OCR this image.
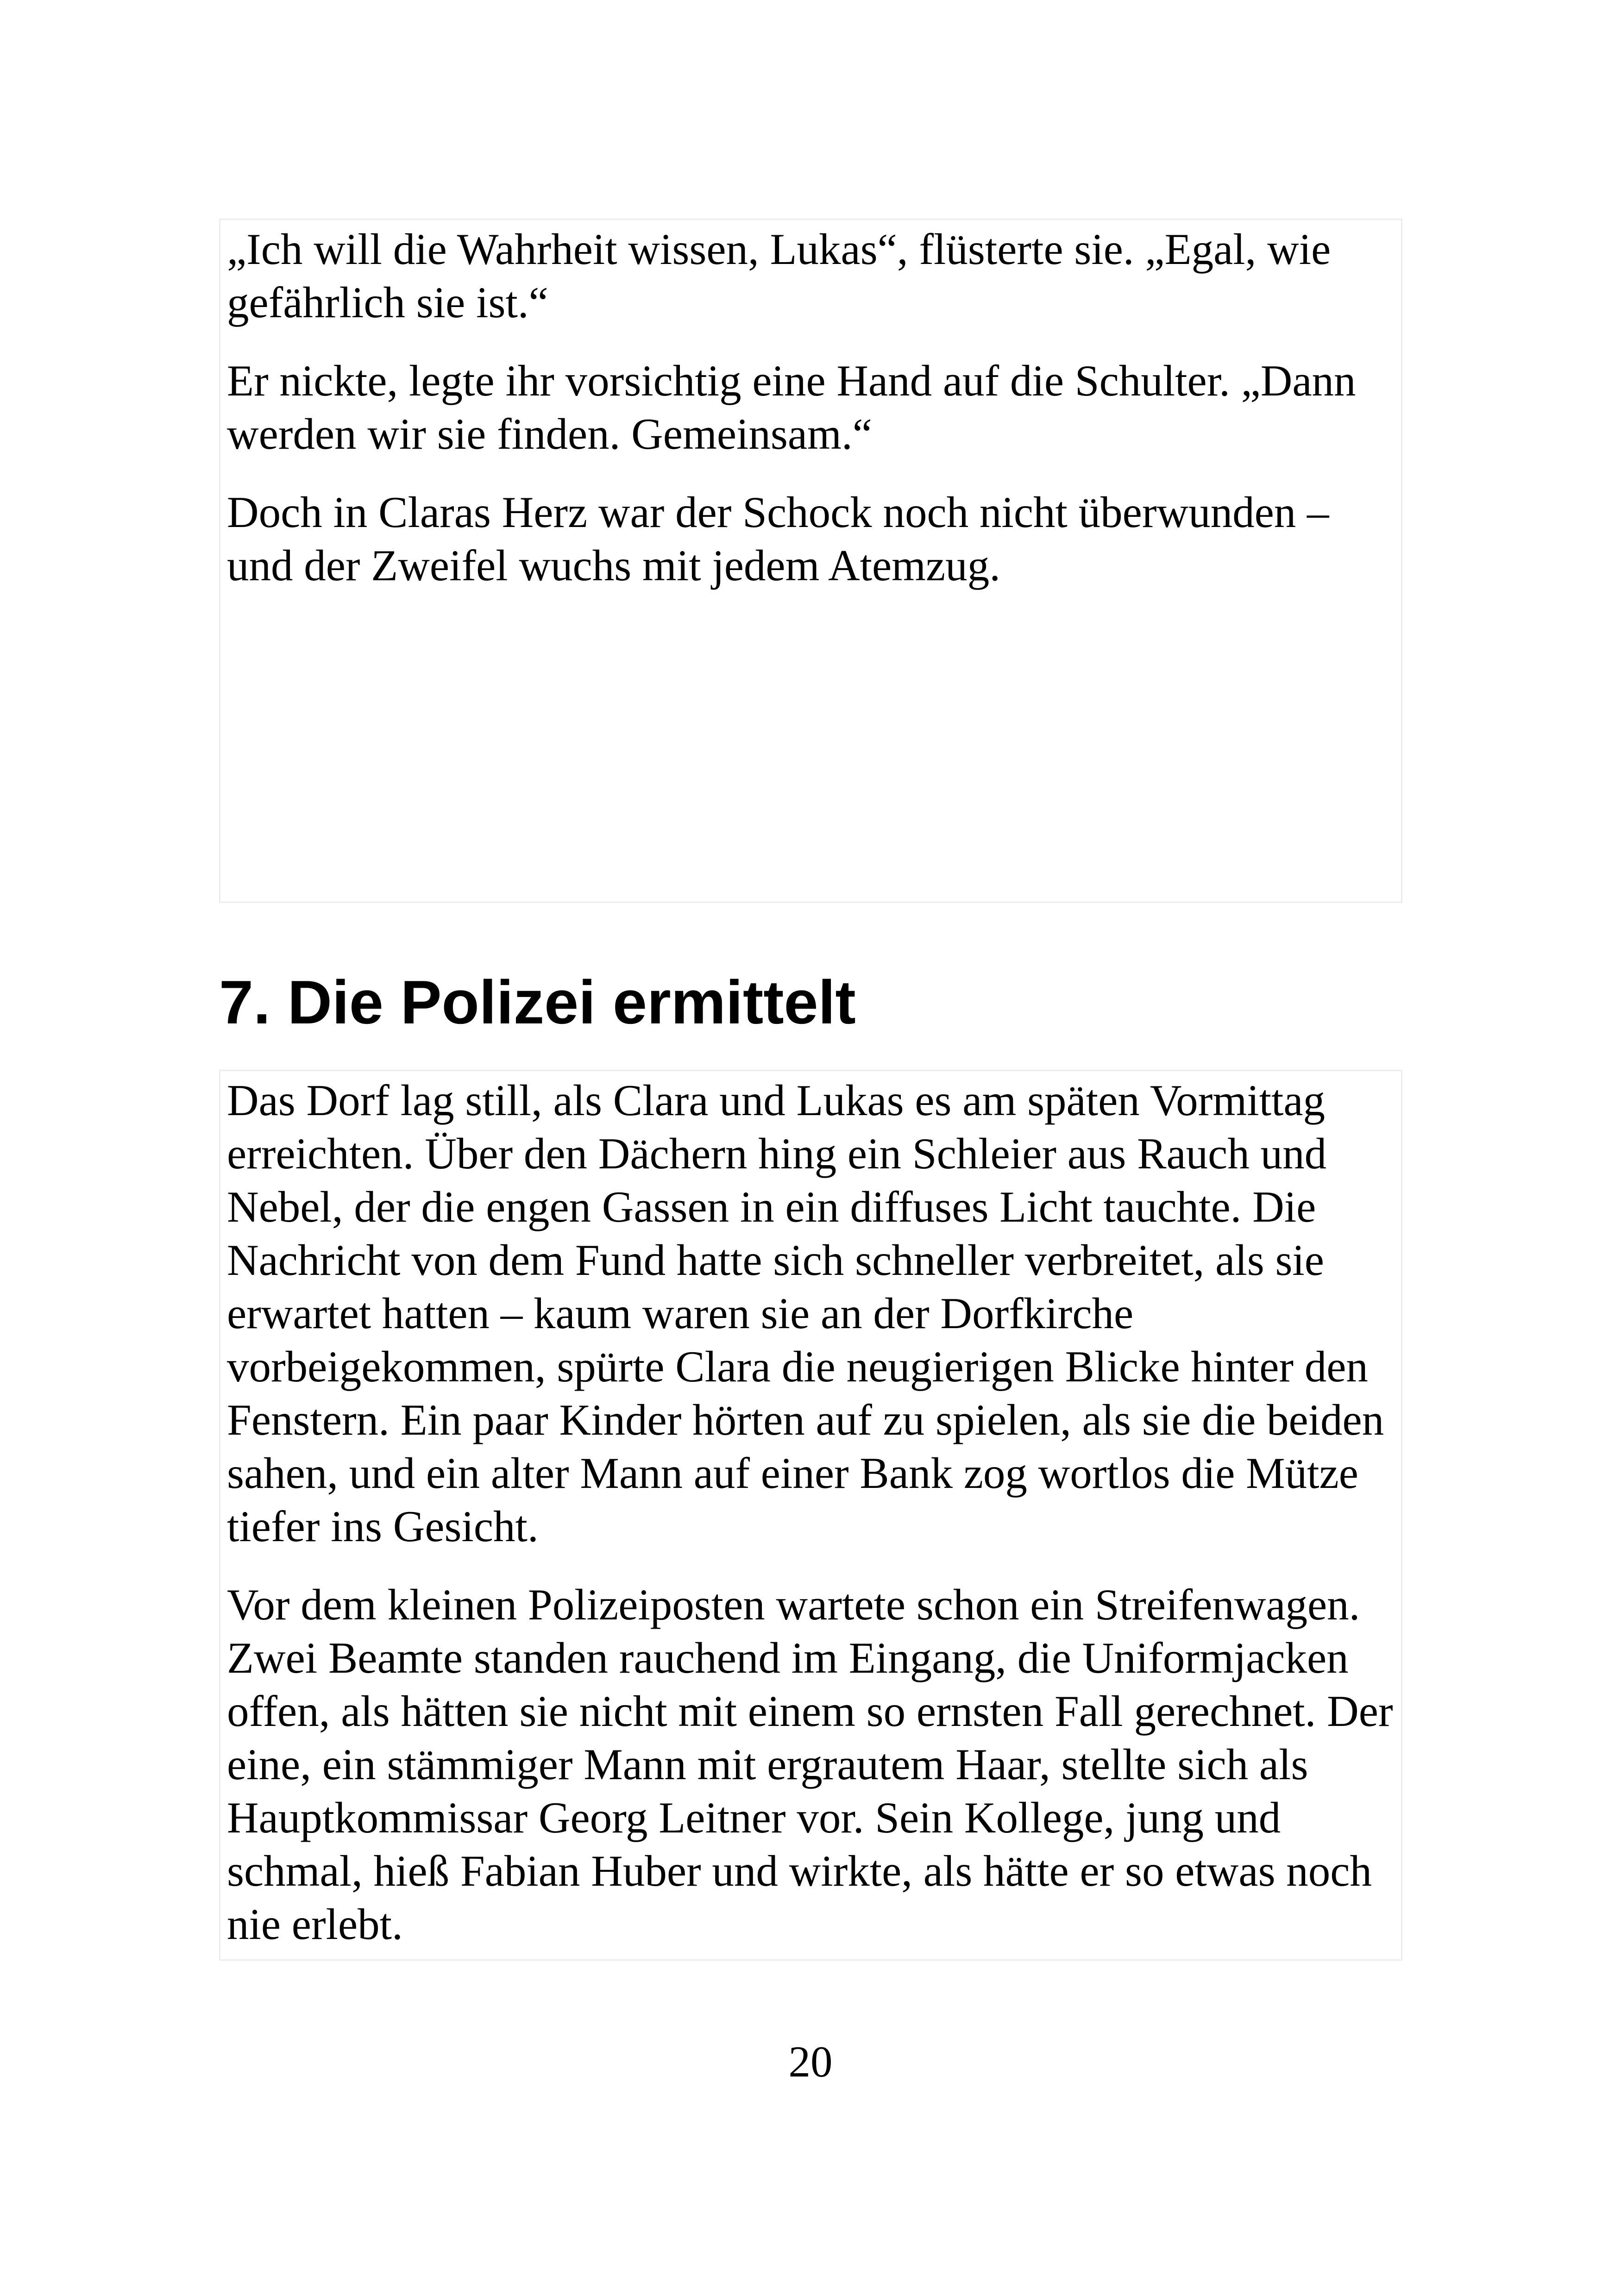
„Ich will die Wahrheit wissen, Lukas“, flüsterte sie. „Egal, wie gefährlich sie ist.“

Er nickte, legte ihr vorsichtig eine Hand auf die Schulter. „Dann werden wir sie finden. Gemeinsam.“

Doch in Claras Herz war der Schock noch nicht überwunden – und der Zweifel wuchs mit jedem Atemzug.

7. Die Polizei ermittelt

Das Dorf lag still, als Clara und Lukas es am späten Vormittag erreichten. Über den Dächern hing ein Schleier aus Rauch und Nebel, der die engen Gassen in ein diffuses Licht tauchte. Die Nachricht von dem Fund hatte sich schneller verbreitet, als sie erwartet hatten – kaum waren sie an der Dorfkirche vorbeigekommen, spürte Clara die neugierigen Blicke hinter den Fenstern. Ein paar Kinder hörten auf zu spielen, als sie die beiden sahen, und ein alter Mann auf einer Bank zog wortlos die Mütze tiefer ins Gesicht.

Vor dem kleinen Polizeiposten wartete schon ein Streifenwagen. Zwei Beamte standen rauchend im Eingang, die Uniformjacken offen, als hätten sie nicht mit einem so ernsten Fall gerechnet. Der eine, ein stämmiger Mann mit ergrautem Haar, stellte sich als Hauptkommissar Georg Leitner vor. Sein Kollege, jung und schmal, hieß Fabian Huber und wirkte, als hätte er so etwas noch nie erlebt.

20
